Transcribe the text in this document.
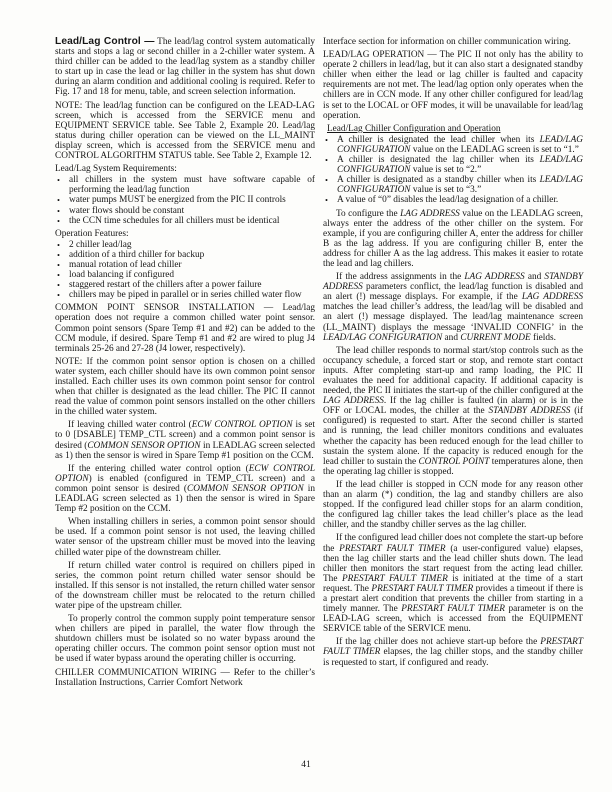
Lead/Lag Control — The lead/lag control system automatically starts and stops a lag or second chiller in a 2-chiller water system. A third chiller can be added to the lead/lag system as a standby chiller to start up in case the lead or lag chiller in the system has shut down during an alarm condition and additional cooling is required. Refer to Fig. 17 and 18 for menu, table, and screen selection information.

NOTE: The lead/lag function can be configured on the LEAD-LAG screen, which is accessed from the SERVICE menu and EQUIPMENT SERVICE table. See Table 2, Example 20. Lead/lag status during chiller operation can be viewed on the LL_MAINT display screen, which is accessed from the SERVICE menu and CONTROL ALGORITHM STATUS table. See Table 2, Example 12.

Lead/Lag System Requirements:

• all chillers in the system must have software capable of performing the lead/lag function
• water pumps MUST be energized from the PIC II controls
• water flows should be constant
• the CCN time schedules for all chillers must be identical

Operation Features:

• 2 chiller lead/lag
• addition of a third chiller for backup
• manual rotation of lead chiller
• load balancing if configured
• staggered restart of the chillers after a power failure
• chillers may be piped in parallel or in series chilled water flow

COMMON POINT SENSOR INSTALLATION — Lead/lag operation does not require a common chilled water point sensor. Common point sensors (Spare Temp #1 and #2) can be added to the CCM module, if desired. Spare Temp #1 and #2 are wired to plug J4 terminals 25-26 and 27-28 (J4 lower, respectively).

NOTE: If the common point sensor option is chosen on a chilled water system, each chiller should have its own common point sensor installed. Each chiller uses its own common point sensor for control when that chiller is designated as the lead chiller. The PIC II cannot read the value of common point sensors installed on the other chillers in the chilled water system.

If leaving chilled water control (ECW CONTROL OPTION is set to 0 [DSABLE] TEMP_CTL screen) and a common point sensor is desired (COMMON SENSOR OPTION in LEADLAG screen selected as 1) then the sensor is wired in Spare Temp #1 position on the CCM.

If the entering chilled water control option (ECW CONTROL OPTION) is enabled (configured in TEMP_CTL screen) and a common point sensor is desired (COMMON SENSOR OPTION in LEADLAG screen selected as 1) then the sensor is wired in Spare Temp #2 position on the CCM.

When installing chillers in series, a common point sensor should be used. If a common point sensor is not used, the leaving chilled water sensor of the upstream chiller must be moved into the leaving chilled water pipe of the downstream chiller.

If return chilled water control is required on chillers piped in series, the common point return chilled water sensor should be installed. If this sensor is not installed, the return chilled water sensor of the downstream chiller must be relocated to the return chilled water pipe of the upstream chiller.

To properly control the common supply point temperature sensor when chillers are piped in parallel, the water flow through the shutdown chillers must be isolated so no water bypass around the operating chiller occurs. The common point sensor option must not be used if water bypass around the operating chiller is occurring.

CHILLER COMMUNICATION WIRING — Refer to the chiller’s Installation Instructions, Carrier Comfort Network

Interface section for information on chiller communication wiring.

LEAD/LAG OPERATION — The PIC II not only has the ability to operate 2 chillers in lead/lag, but it can also start a designated standby chiller when either the lead or lag chiller is faulted and capacity requirements are not met. The lead/lag option only operates when the chillers are in CCN mode. If any other chiller configured for lead/lag is set to the LOCAL or OFF modes, it will be unavailable for lead/lag operation.

Lead/Lag Chiller Configuration and Operation

• A chiller is designated the lead chiller when its LEAD/LAG CONFIGURATION value on the LEADLAG screen is set to “1.”
• A chiller is designated the lag chiller when its LEAD/LAG CONFIGURATION value is set to “2.”
• A chiller is designated as a standby chiller when its LEAD/LAG CONFIGURATION value is set to “3.”
• A value of “0” disables the lead/lag designation of a chiller.

To configure the LAG ADDRESS value on the LEADLAG screen, always enter the address of the other chiller on the system. For example, if you are configuring chiller A, enter the address for chiller B as the lag address. If you are configuring chiller B, enter the address for chiller A as the lag address. This makes it easier to rotate the lead and lag chillers.

If the address assignments in the LAG ADDRESS and STANDBY ADDRESS parameters conflict, the lead/lag function is disabled and an alert (!) message displays. For example, if the LAG ADDRESS matches the lead chiller’s address, the lead/lag will be disabled and an alert (!) message displayed. The lead/lag maintenance screen (LL_MAINT) displays the message ‘INVALID CONFIG’ in the LEAD/LAG CONFIGURATION and CURRENT MODE fields.

The lead chiller responds to normal start/stop controls such as the occupancy schedule, a forced start or stop, and remote start contact inputs. After completing start-up and ramp loading, the PIC II evaluates the need for additional capacity. If additional capacity is needed, the PIC II initiates the start-up of the chiller configured at the LAG ADDRESS. If the lag chiller is faulted (in alarm) or is in the OFF or LOCAL modes, the chiller at the STANDBY ADDRESS (if configured) is requested to start. After the second chiller is started and is running, the lead chiller monitors conditions and evaluates whether the capacity has been reduced enough for the lead chiller to sustain the system alone. If the capacity is reduced enough for the lead chiller to sustain the CONTROL POINT temperatures alone, then the operating lag chiller is stopped.

If the lead chiller is stopped in CCN mode for any reason other than an alarm (*) condition, the lag and standby chillers are also stopped. If the configured lead chiller stops for an alarm condition, the configured lag chiller takes the lead chiller’s place as the lead chiller, and the standby chiller serves as the lag chiller.

If the configured lead chiller does not complete the start-up before the PRESTART FAULT TIMER (a user-configured value) elapses, then the lag chiller starts and the lead chiller shuts down. The lead chiller then monitors the start request from the acting lead chiller. The PRESTART FAULT TIMER is initiated at the time of a start request. The PRESTART FAULT TIMER provides a timeout if there is a prestart alert condition that prevents the chiller from starting in a timely manner. The PRESTART FAULT TIMER parameter is on the LEAD-LAG screen, which is accessed from the EQUIPMENT SERVICE table of the SERVICE menu.

If the lag chiller does not achieve start-up before the PRESTART FAULT TIMER elapses, the lag chiller stops, and the standby chiller is requested to start, if configured and ready.

41
